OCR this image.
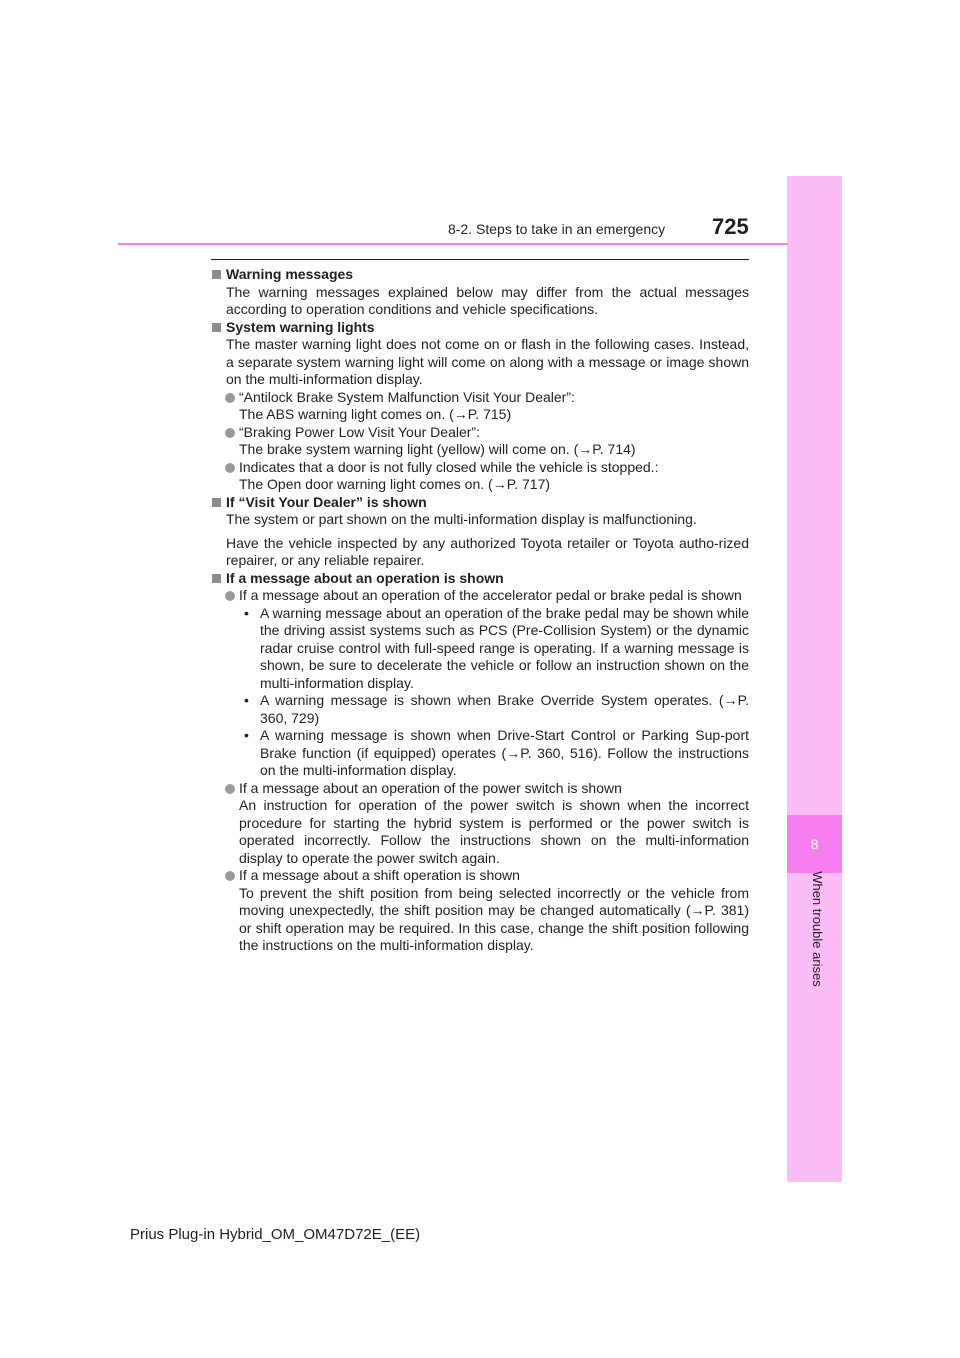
8
When trouble arises
8-2. Steps to take in an emergency 725

Warning messages

The warning messages explained below may differ from the actual messages according to operation conditions and vehicle specifications.

System warning lights

The master warning light does not come on or flash in the following cases. Instead, a separate system warning light will come on along with a message or image shown on the multi-information display.

“Antilock Brake System Malfunction Visit Your Dealer”:
The ABS warning light comes on. (→P. 715)

“Braking Power Low Visit Your Dealer”:
The brake system warning light (yellow) will come on. (→P. 714)

Indicates that a door is not fully closed while the vehicle is stopped.:
The Open door warning light comes on. (→P. 717)

If “Visit Your Dealer” is shown

The system or part shown on the multi-information display is malfunctioning.

Have the vehicle inspected by any authorized Toyota retailer or Toyota autho-rized repairer, or any reliable repairer.

If a message about an operation is shown

If a message about an operation of the accelerator pedal or brake pedal is shown

• A warning message about an operation of the brake pedal may be shown while the driving assist systems such as PCS (Pre-Collision System) or the dynamic radar cruise control with full-speed range is operating. If a warning message is shown, be sure to decelerate the vehicle or follow an instruction shown on the multi-information display.

• A warning message is shown when Brake Override System operates. (→P. 360, 729)

• A warning message is shown when Drive-Start Control or Parking Sup-port Brake function (if equipped) operates (→P. 360, 516). Follow the instructions on the multi-information display.

If a message about an operation of the power switch is shown
An instruction for operation of the power switch is shown when the incorrect procedure for starting the hybrid system is performed or the power switch is operated incorrectly. Follow the instructions shown on the multi-information display to operate the power switch again.

If a message about a shift operation is shown
To prevent the shift position from being selected incorrectly or the vehicle from moving unexpectedly, the shift position may be changed automatically (→P. 381) or shift operation may be required. In this case, change the shift position following the instructions on the multi-information display.

Prius Plug-in Hybrid_OM_OM47D72E_(EE)
